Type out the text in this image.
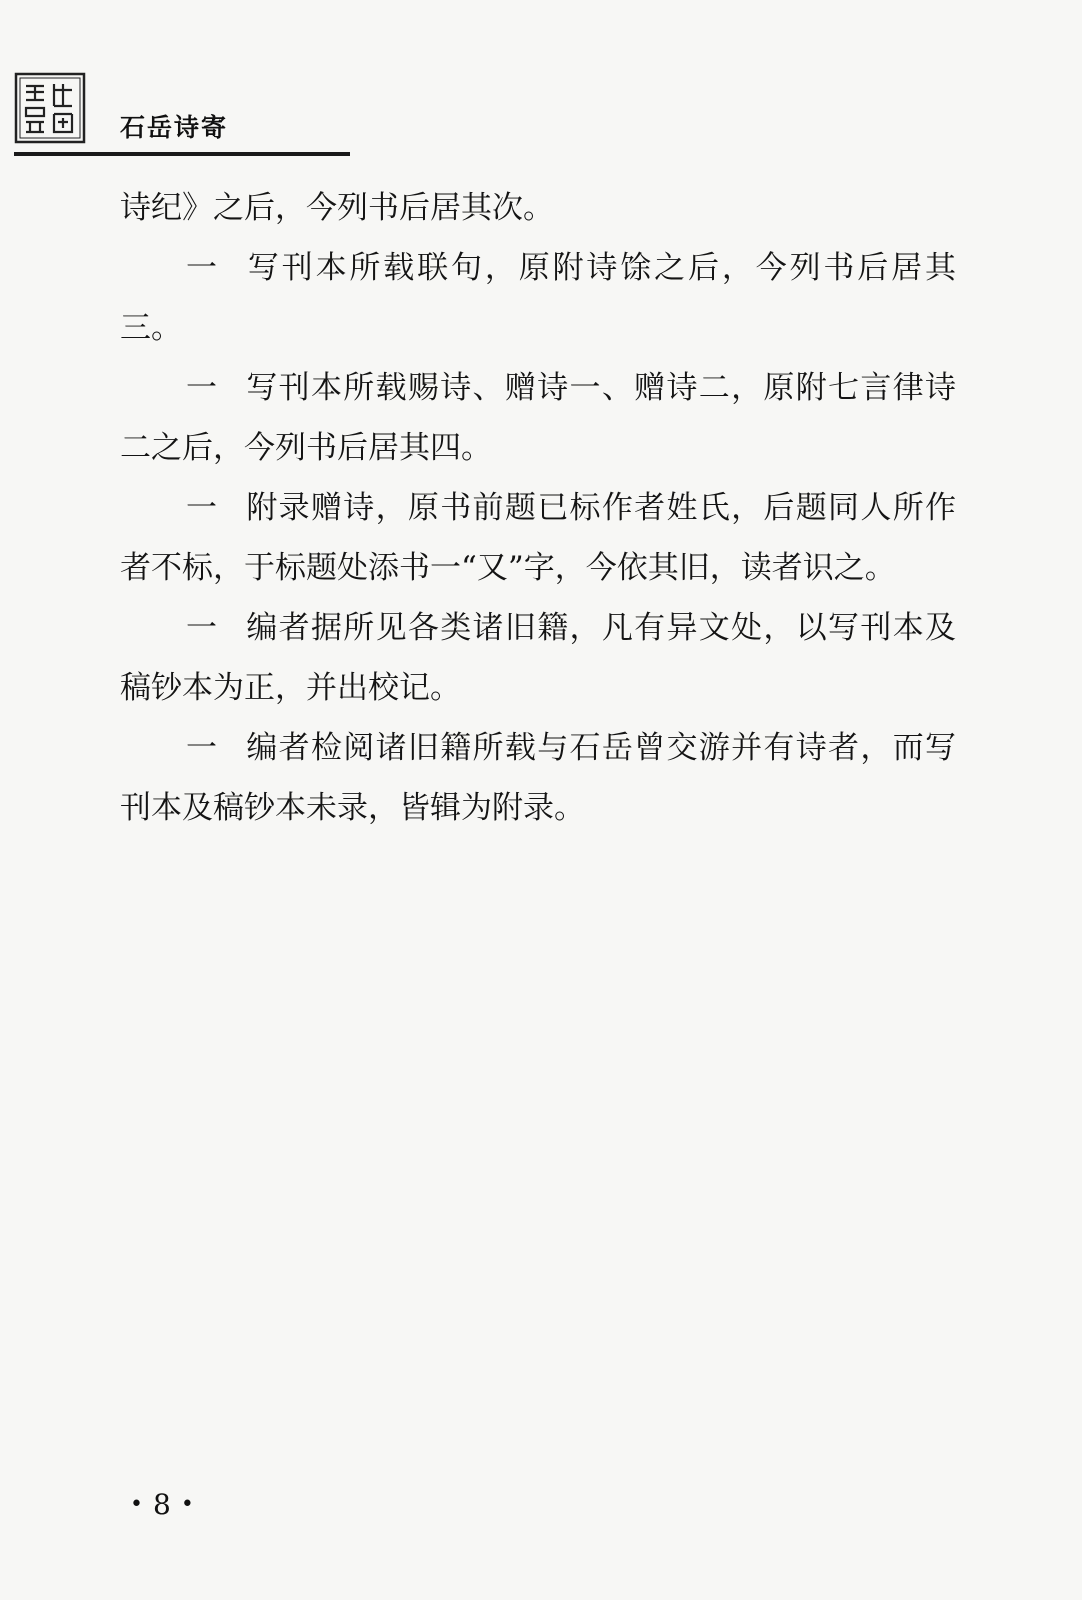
石岳诗寄

诗纪》之后，今列书后居其次。

一 写刊本所载联句，原附诗馀之后，今列书后居其三。

一 写刊本所载赐诗、赠诗一、赠诗二，原附七言律诗二之后，今列书后居其四。

一 附录赠诗，原书前题已标作者姓氏，后题同人所作者不标，于标题处添书一“又”字，今依其旧，读者识之。

一 编者据所见各类诸旧籍，凡有异文处，以写刊本及稿钞本为正，并出校记。

一 编者检阅诸旧籍所载与石岳曾交游并有诗者，而写刊本及稿钞本未录，皆辑为附录。

• 8 •
